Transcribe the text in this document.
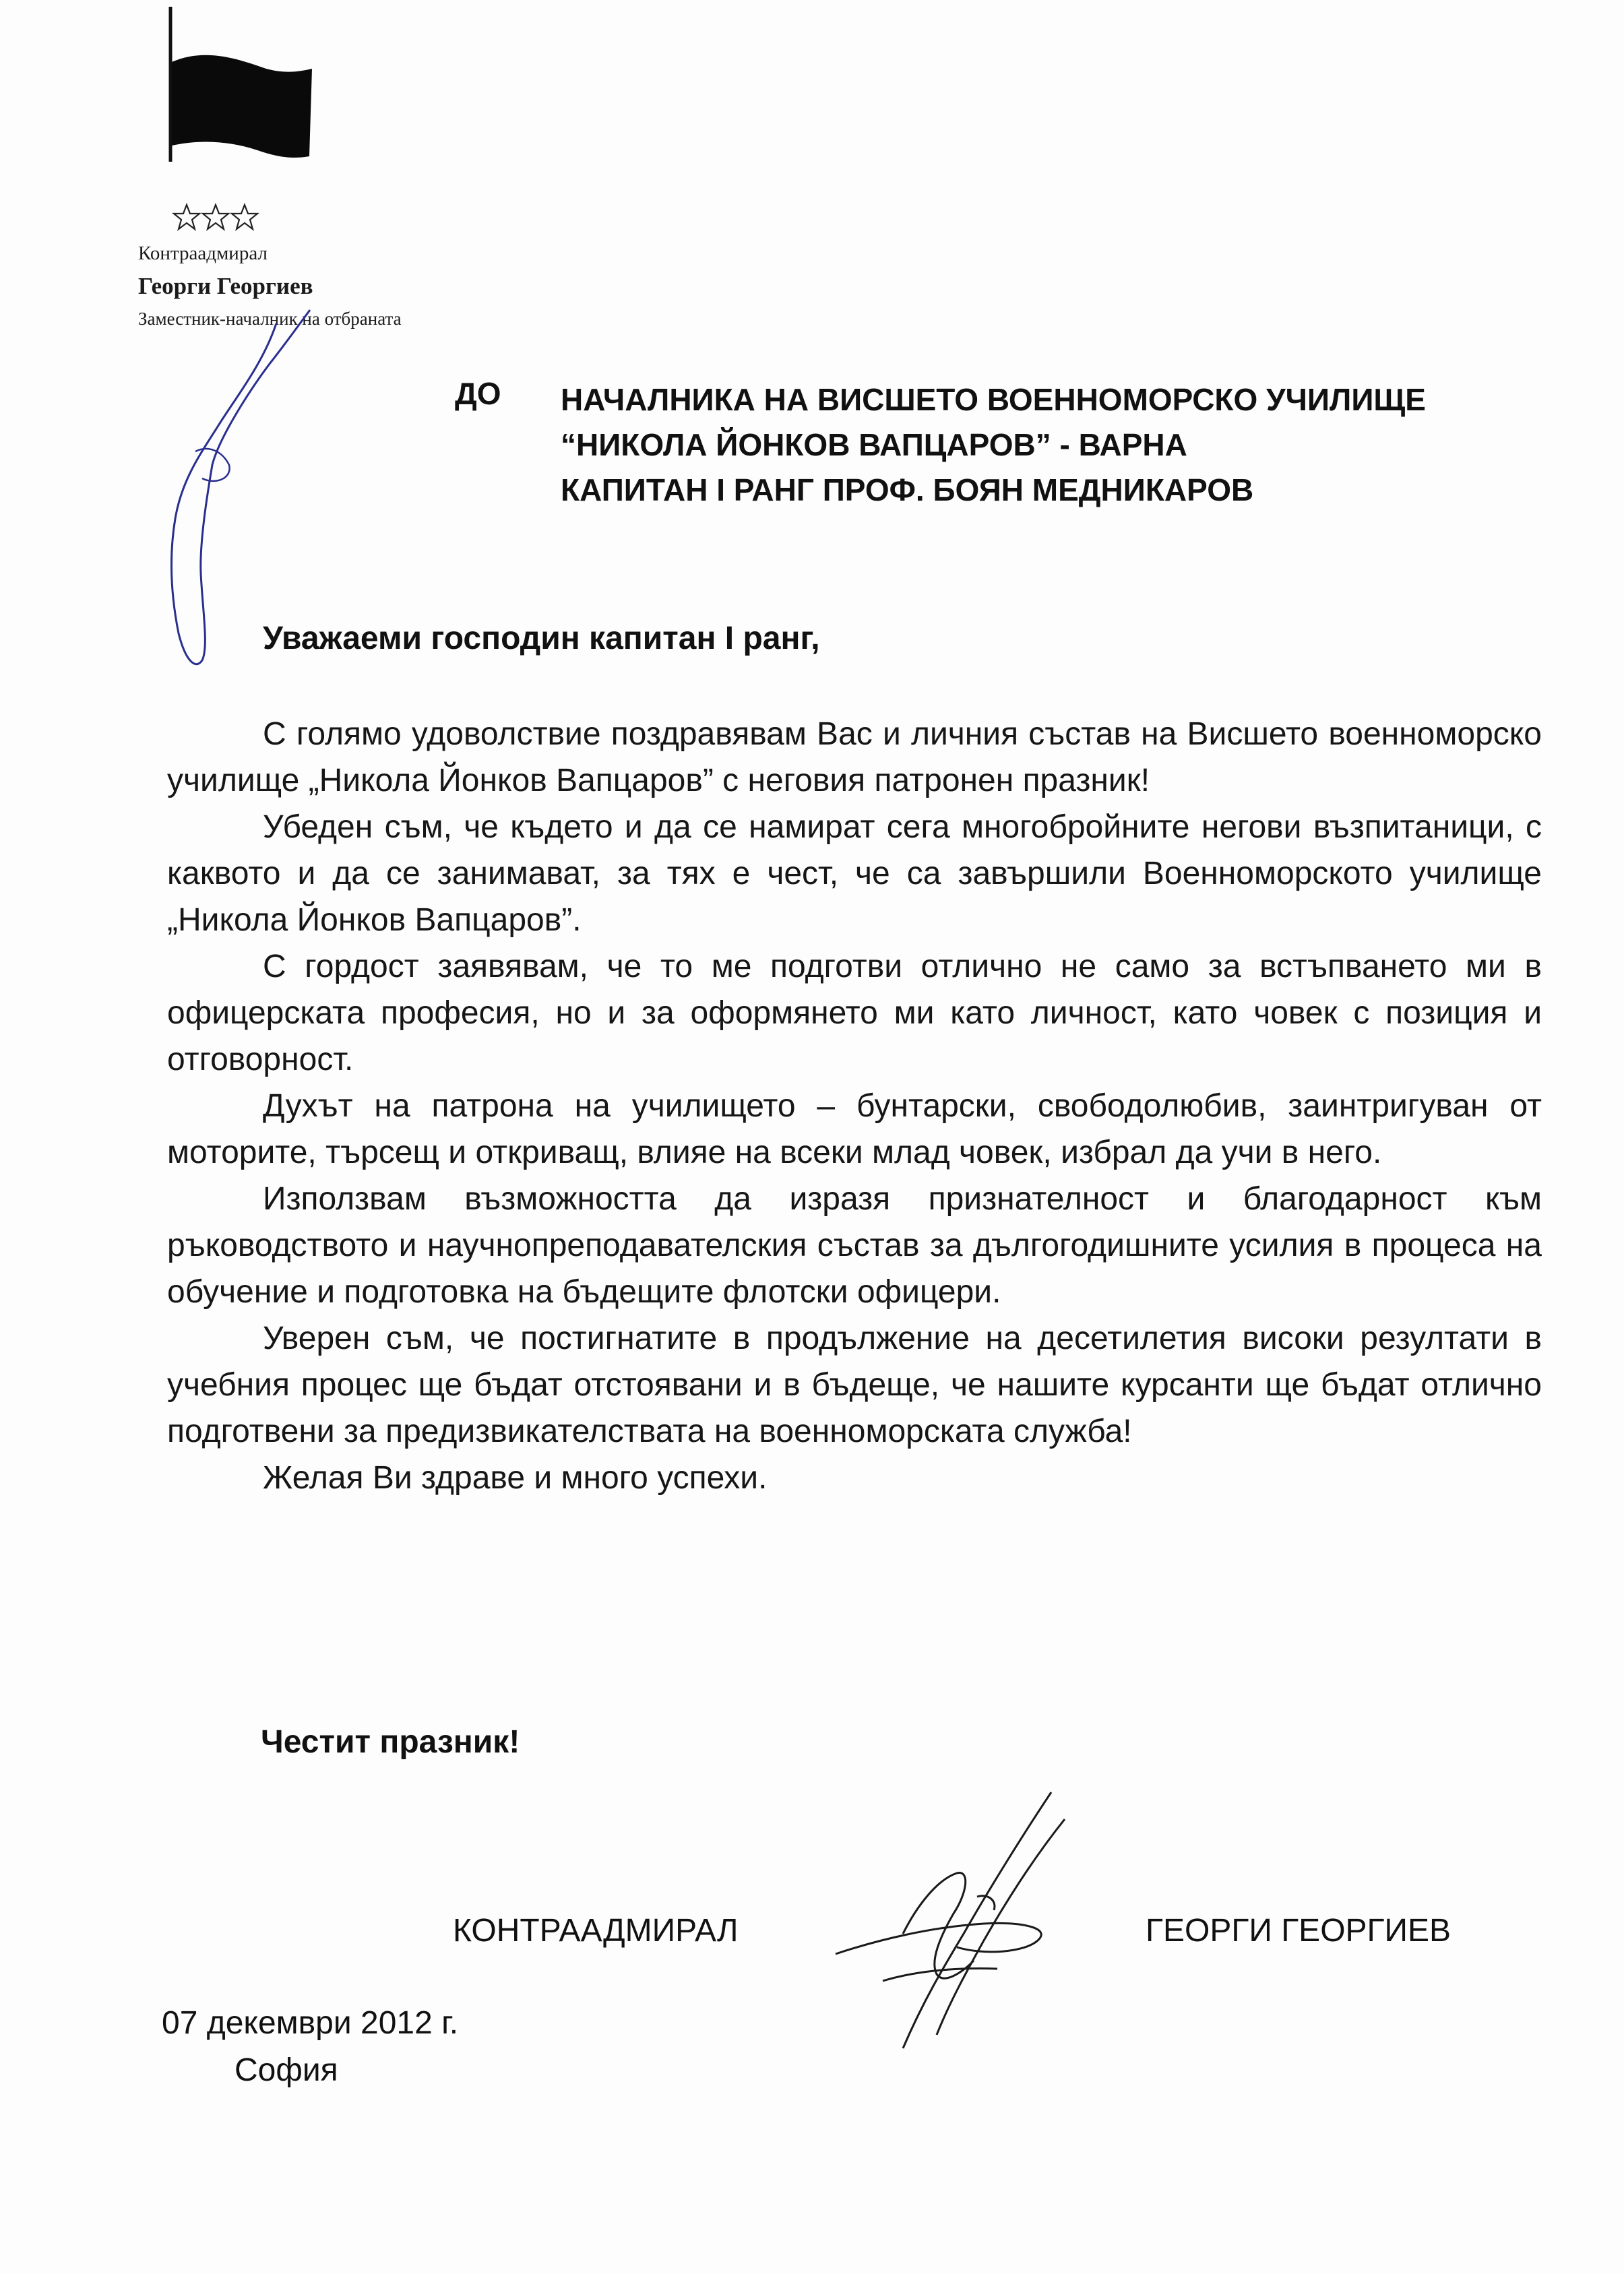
Контраадмирал
Георги Георгиев
Заместник-началник на отбраната
ДО НАЧАЛНИКА НА ВИСШЕТО ВОЕННОМОРСКО УЧИЛИЩЕ
“НИКОЛА ЙОНКОВ ВАПЦАРОВ” - ВАРНА
КАПИТАН I РАНГ ПРОФ. БОЯН МЕДНИКАРОВ
Уважаеми господин капитан I ранг,

С голямо удоволствие поздравявам Вас и личния състав на Висшето военноморско училище „Никола Йонков Вапцаров” с неговия патронен празник!

Убеден съм, че където и да се намират сега многобройните негови възпитаници, с каквото и да се занимават, за тях е чест, че са завършили Военноморското училище „Никола Йонков Вапцаров”.

С гордост заявявам, че то ме подготви отлично не само за встъпването ми в офицерската професия, но и за оформянето ми като личност, като човек с позиция и отговорност.

Духът на патрона на училището – бунтарски, свободолюбив, заинтригуван от моторите, търсещ и откриващ, влияе на всеки млад човек, избрал да учи в него.

Използвам възможността да изразя признателност и благодарност към ръководството и научнопреподавателския състав за дългогодишните усилия в процеса на обучение и подготовка на бъдещите флотски офицери.

Уверен съм, че постигнатите в продължение на десетилетия високи резултати в учебния процес ще бъдат отстоявани и в бъдеще, че нашите курсанти ще бъдат отлично подготвени за предизвикателствата на военноморската служба!

Желая Ви здраве и много успехи.

Честит празник!
КОНТРААДМИРАЛ	ГЕОРГИ ГЕОРГИЕВ
07 декември 2012 г.
София
